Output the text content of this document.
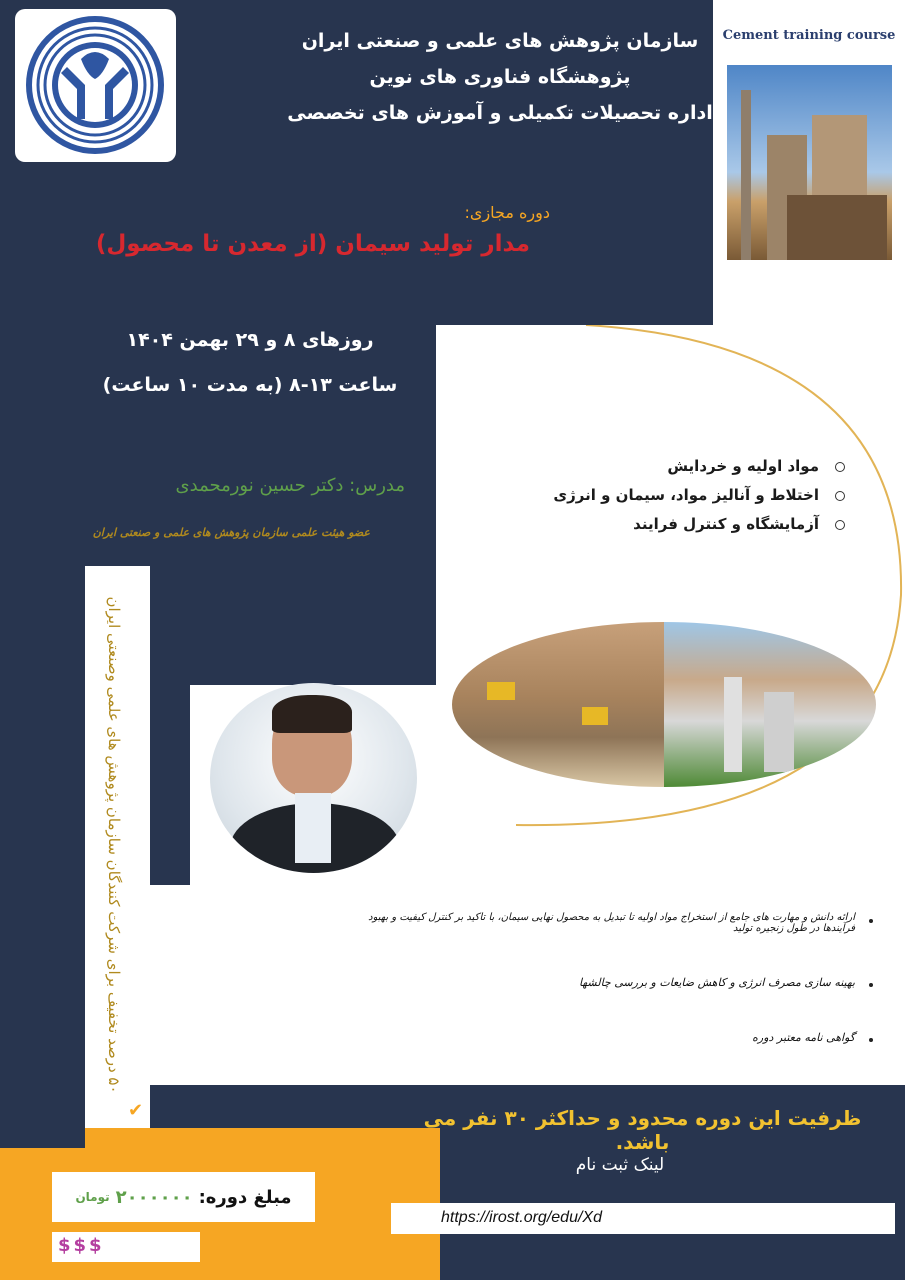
سازمان پژوهش های علمی و صنعتی ایران
پژوهشگاه فناوری های نوین
اداره تحصیلات تکمیلی و آموزش های تخصصی
Cement training course
دوره مجازی:
مدار تولید سیمان (از معدن تا محصول)
روزهای ۸ و ۲۹ بهمن ۱۴۰۴
ساعت ۱۳-۸ (به مدت ۱۰ ساعت)
مدرس: دکتر حسین نورمحمدی
عضو هیئت علمی سازمان پژوهش های علمی و صنعتی ایران
مواد اولیه و خردایش
اختلاط و آنالیز مواد، سیمان و انرژی
آزمایشگاه و کنترل فرایند
۵۰ درصد تخفیف برای شرکت کنندگان سازمان پژوهش های علمی وصنعتی ایران
✔
ارائه دانش و مهارت های جامع از استخراج مواد اولیه تا تبدیل به محصول نهایی سیمان، با تاکید بر کنترل کیفیت و بهبود فرآیندها در طول زنجیره تولید
بهینه سازی مصرف انرژی و کاهش ضایعات و بررسی چالشها
گواهی نامه معتبر دوره
ظرفیت این دوره محدود و حداکثر ۳۰ نفر می باشد.
لینک ثبت نام
https://irost.org/edu/Xd
مبلغ دوره:
۲۰۰۰۰۰۰
تومان
$$$
